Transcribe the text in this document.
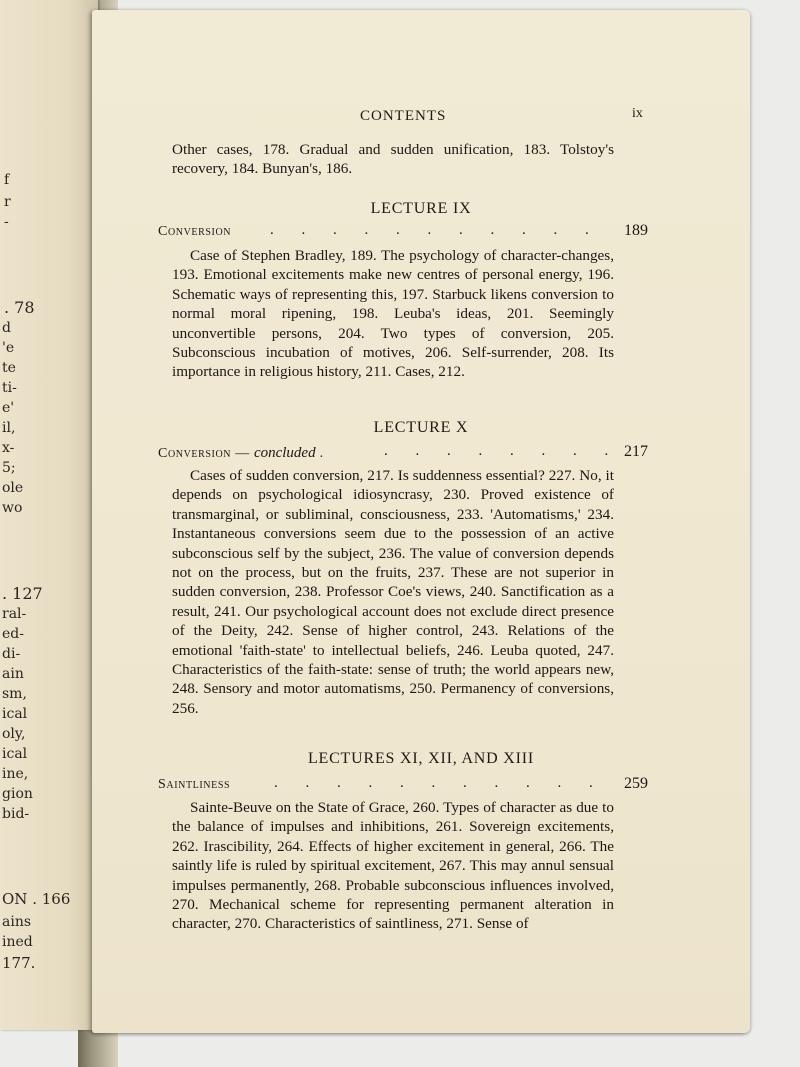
f
r
-
. 78
d
'e
te
ti-
e'
il,
x-
5;
ole
wo
. 127
ral-
ed-
di-
ain
sm,
ical
oly,
ical
ine,
gion
bid-
ON . 166
ains
ined
177.
CONTENTS	ix
Other cases, 178. Gradual and sudden unification, 183. Tolstoy's recovery, 184. Bunyan's, 186.
LECTURE IX
Conversion	. . . . . . . . . . . 189
Case of Stephen Bradley, 189. The psychology of character-changes, 193. Emotional excitements make new centres of personal energy, 196. Schematic ways of representing this, 197. Starbuck likens conversion to normal moral ripening, 198. Leuba's ideas, 201. Seemingly unconvertible persons, 204. Two types of conversion, 205. Subconscious incubation of motives, 206. Self-surrender, 208. Its importance in religious history, 211. Cases, 212.
LECTURE X
Conversion — concluded .	. . . . . . . . 217
Cases of sudden conversion, 217. Is suddenness essential? 227. No, it depends on psychological idiosyncrasy, 230. Proved existence of transmarginal, or subliminal, consciousness, 233. 'Automatisms,' 234. Instantaneous conversions seem due to the possession of an active subconscious self by the subject, 236. The value of conversion depends not on the process, but on the fruits, 237. These are not superior in sudden conversion, 238. Professor Coe's views, 240. Sanctification as a result, 241. Our psychological account does not exclude direct presence of the Deity, 242. Sense of higher control, 243. Relations of the emotional 'faith-state' to intellectual beliefs, 246. Leuba quoted, 247. Characteristics of the faith-state: sense of truth; the world appears new, 248. Sensory and motor automatisms, 250. Permanency of conversions, 256.
LECTURES XI, XII, AND XIII
Saintliness	. . . . . . . . . . . 259
Sainte-Beuve on the State of Grace, 260. Types of character as due to the balance of impulses and inhibitions, 261. Sovereign excitements, 262. Irascibility, 264. Effects of higher excitement in general, 266. The saintly life is ruled by spiritual excitement, 267. This may annul sensual impulses permanently, 268. Probable subconscious influences involved, 270. Mechanical scheme for representing permanent alteration in character, 270. Characteristics of saintliness, 271. Sense of
